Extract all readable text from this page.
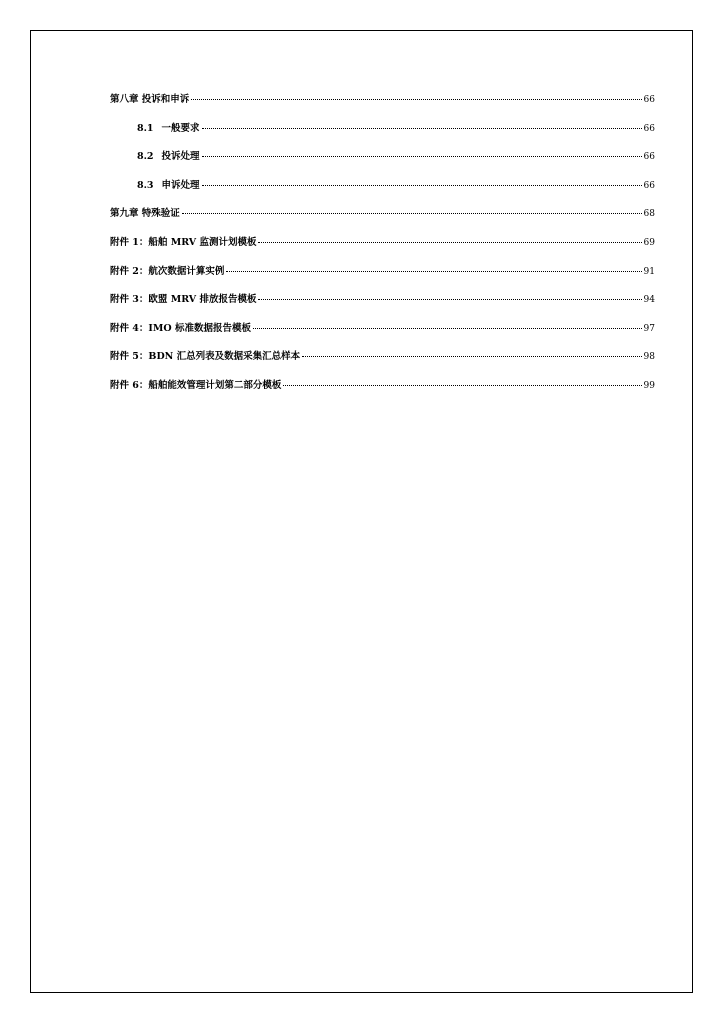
第八章 投诉和申诉	66
8.1 一般要求	66
8.2 投诉处理	66
8.3 申诉处理	66
第九章 特殊验证	68
附件 1：船舶 MRV 监测计划模板	69
附件 2：航次数据计算实例	91
附件 3：欧盟 MRV 排放报告模板	94
附件 4：IMO 标准数据报告模板	97
附件 5：BDN 汇总列表及数据采集汇总样本	98
附件 6：船舶能效管理计划第二部分模板	99
